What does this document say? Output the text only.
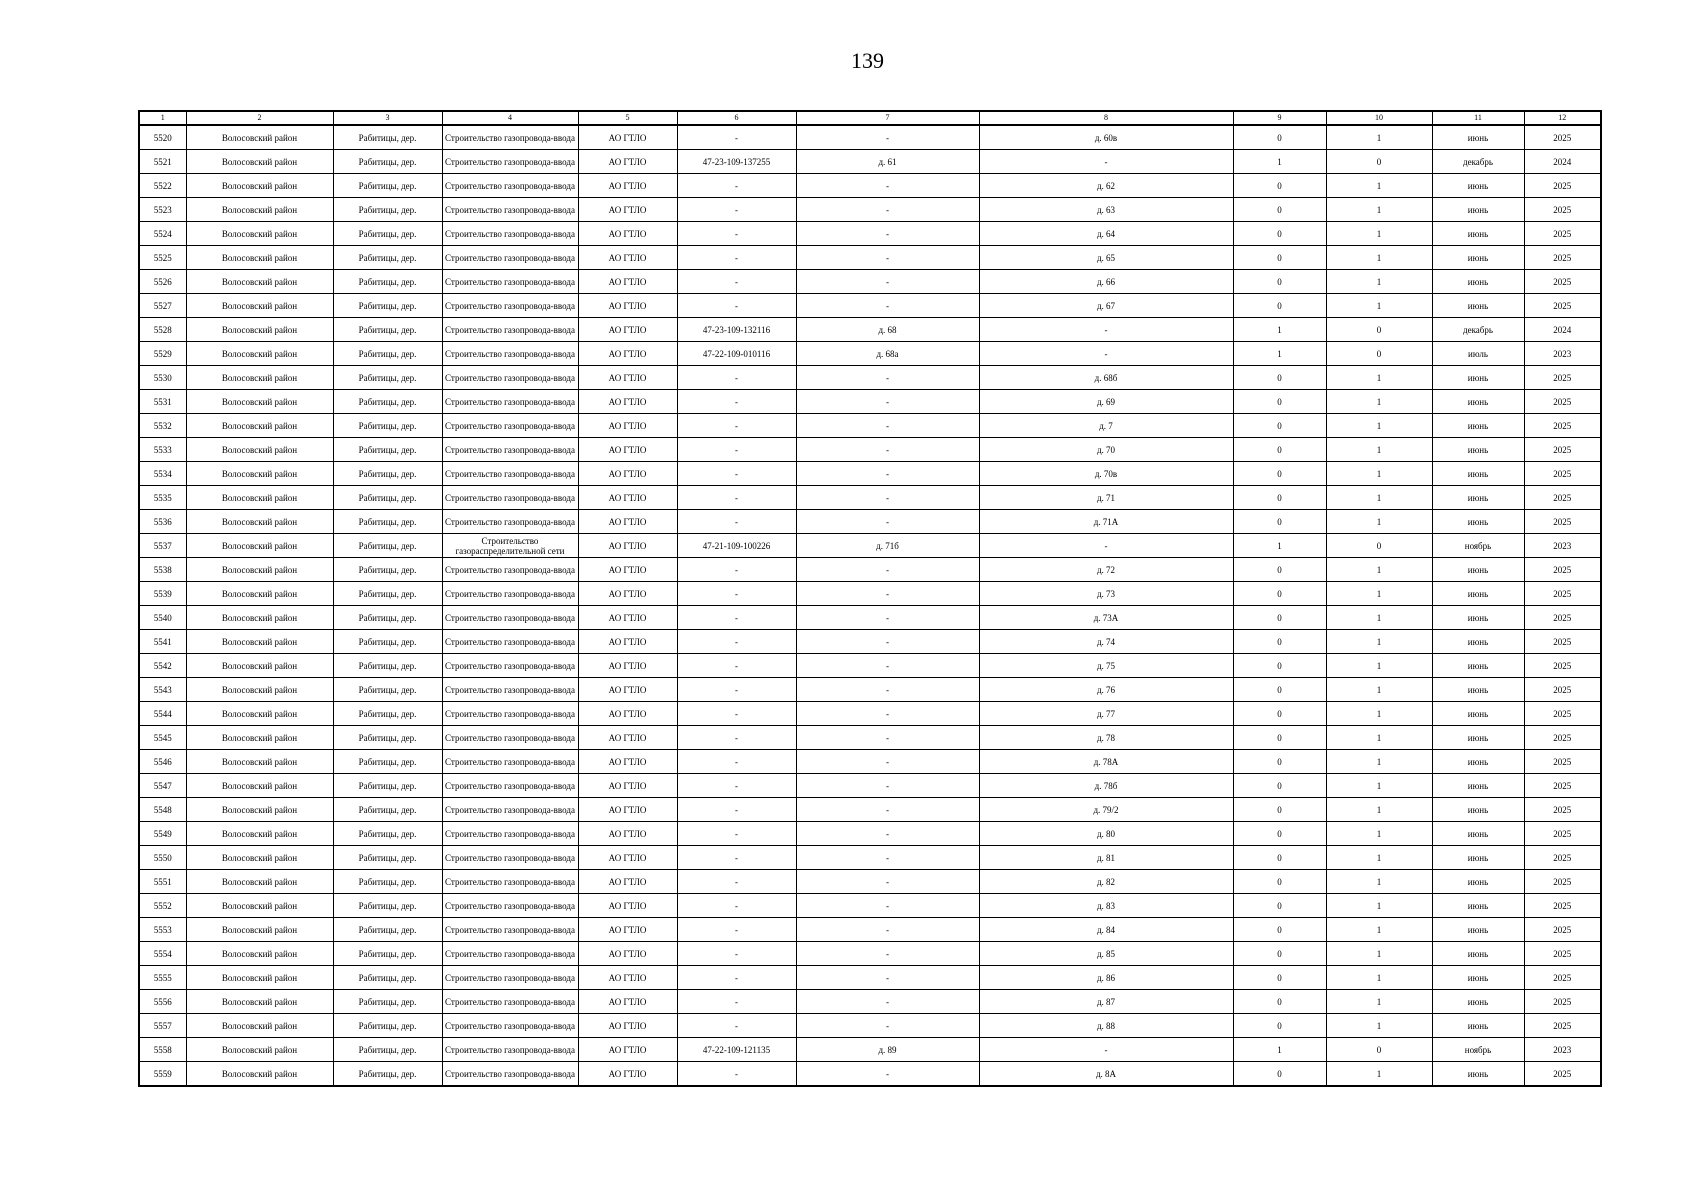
139
1	2	3	4	5	6	7	8	9	10	11	12
5520	Волосовский район	Рабитицы, дер.	Строительство газопровода-ввода	АО ГТЛО	-	-	д. 60в	0	1	июнь	2025
5521	Волосовский район	Рабитицы, дер.	Строительство газопровода-ввода	АО ГТЛО	47-23-109-137255	д. 61	-	1	0	декабрь	2024
5522	Волосовский район	Рабитицы, дер.	Строительство газопровода-ввода	АО ГТЛО	-	-	д. 62	0	1	июнь	2025
5523	Волосовский район	Рабитицы, дер.	Строительство газопровода-ввода	АО ГТЛО	-	-	д. 63	0	1	июнь	2025
5524	Волосовский район	Рабитицы, дер.	Строительство газопровода-ввода	АО ГТЛО	-	-	д. 64	0	1	июнь	2025
5525	Волосовский район	Рабитицы, дер.	Строительство газопровода-ввода	АО ГТЛО	-	-	д. 65	0	1	июнь	2025
5526	Волосовский район	Рабитицы, дер.	Строительство газопровода-ввода	АО ГТЛО	-	-	д. 66	0	1	июнь	2025
5527	Волосовский район	Рабитицы, дер.	Строительство газопровода-ввода	АО ГТЛО	-	-	д. 67	0	1	июнь	2025
5528	Волосовский район	Рабитицы, дер.	Строительство газопровода-ввода	АО ГТЛО	47-23-109-132116	д. 68	-	1	0	декабрь	2024
5529	Волосовский район	Рабитицы, дер.	Строительство газопровода-ввода	АО ГТЛО	47-22-109-010116	д. 68а	-	1	0	июль	2023
5530	Волосовский район	Рабитицы, дер.	Строительство газопровода-ввода	АО ГТЛО	-	-	д. 68б	0	1	июнь	2025
5531	Волосовский район	Рабитицы, дер.	Строительство газопровода-ввода	АО ГТЛО	-	-	д. 69	0	1	июнь	2025
5532	Волосовский район	Рабитицы, дер.	Строительство газопровода-ввода	АО ГТЛО	-	-	д. 7	0	1	июнь	2025
5533	Волосовский район	Рабитицы, дер.	Строительство газопровода-ввода	АО ГТЛО	-	-	д. 70	0	1	июнь	2025
5534	Волосовский район	Рабитицы, дер.	Строительство газопровода-ввода	АО ГТЛО	-	-	д. 70в	0	1	июнь	2025
5535	Волосовский район	Рабитицы, дер.	Строительство газопровода-ввода	АО ГТЛО	-	-	д. 71	0	1	июнь	2025
5536	Волосовский район	Рабитицы, дер.	Строительство газопровода-ввода	АО ГТЛО	-	-	д. 71А	0	1	июнь	2025
5537	Волосовский район	Рабитицы, дер.	Строительство газораспределительной сети	АО ГТЛО	47-21-109-100226	д. 71б	-	1	0	ноябрь	2023
5538	Волосовский район	Рабитицы, дер.	Строительство газопровода-ввода	АО ГТЛО	-	-	д. 72	0	1	июнь	2025
5539	Волосовский район	Рабитицы, дер.	Строительство газопровода-ввода	АО ГТЛО	-	-	д. 73	0	1	июнь	2025
5540	Волосовский район	Рабитицы, дер.	Строительство газопровода-ввода	АО ГТЛО	-	-	д. 73А	0	1	июнь	2025
5541	Волосовский район	Рабитицы, дер.	Строительство газопровода-ввода	АО ГТЛО	-	-	д. 74	0	1	июнь	2025
5542	Волосовский район	Рабитицы, дер.	Строительство газопровода-ввода	АО ГТЛО	-	-	д. 75	0	1	июнь	2025
5543	Волосовский район	Рабитицы, дер.	Строительство газопровода-ввода	АО ГТЛО	-	-	д. 76	0	1	июнь	2025
5544	Волосовский район	Рабитицы, дер.	Строительство газопровода-ввода	АО ГТЛО	-	-	д. 77	0	1	июнь	2025
5545	Волосовский район	Рабитицы, дер.	Строительство газопровода-ввода	АО ГТЛО	-	-	д. 78	0	1	июнь	2025
5546	Волосовский район	Рабитицы, дер.	Строительство газопровода-ввода	АО ГТЛО	-	-	д. 78А	0	1	июнь	2025
5547	Волосовский район	Рабитицы, дер.	Строительство газопровода-ввода	АО ГТЛО	-	-	д. 78б	0	1	июнь	2025
5548	Волосовский район	Рабитицы, дер.	Строительство газопровода-ввода	АО ГТЛО	-	-	д. 79/2	0	1	июнь	2025
5549	Волосовский район	Рабитицы, дер.	Строительство газопровода-ввода	АО ГТЛО	-	-	д. 80	0	1	июнь	2025
5550	Волосовский район	Рабитицы, дер.	Строительство газопровода-ввода	АО ГТЛО	-	-	д. 81	0	1	июнь	2025
5551	Волосовский район	Рабитицы, дер.	Строительство газопровода-ввода	АО ГТЛО	-	-	д. 82	0	1	июнь	2025
5552	Волосовский район	Рабитицы, дер.	Строительство газопровода-ввода	АО ГТЛО	-	-	д. 83	0	1	июнь	2025
5553	Волосовский район	Рабитицы, дер.	Строительство газопровода-ввода	АО ГТЛО	-	-	д. 84	0	1	июнь	2025
5554	Волосовский район	Рабитицы, дер.	Строительство газопровода-ввода	АО ГТЛО	-	-	д. 85	0	1	июнь	2025
5555	Волосовский район	Рабитицы, дер.	Строительство газопровода-ввода	АО ГТЛО	-	-	д. 86	0	1	июнь	2025
5556	Волосовский район	Рабитицы, дер.	Строительство газопровода-ввода	АО ГТЛО	-	-	д. 87	0	1	июнь	2025
5557	Волосовский район	Рабитицы, дер.	Строительство газопровода-ввода	АО ГТЛО	-	-	д. 88	0	1	июнь	2025
5558	Волосовский район	Рабитицы, дер.	Строительство газопровода-ввода	АО ГТЛО	47-22-109-121135	д. 89	-	1	0	ноябрь	2023
5559	Волосовский район	Рабитицы, дер.	Строительство газопровода-ввода	АО ГТЛО	-	-	д. 8А	0	1	июнь	2025
